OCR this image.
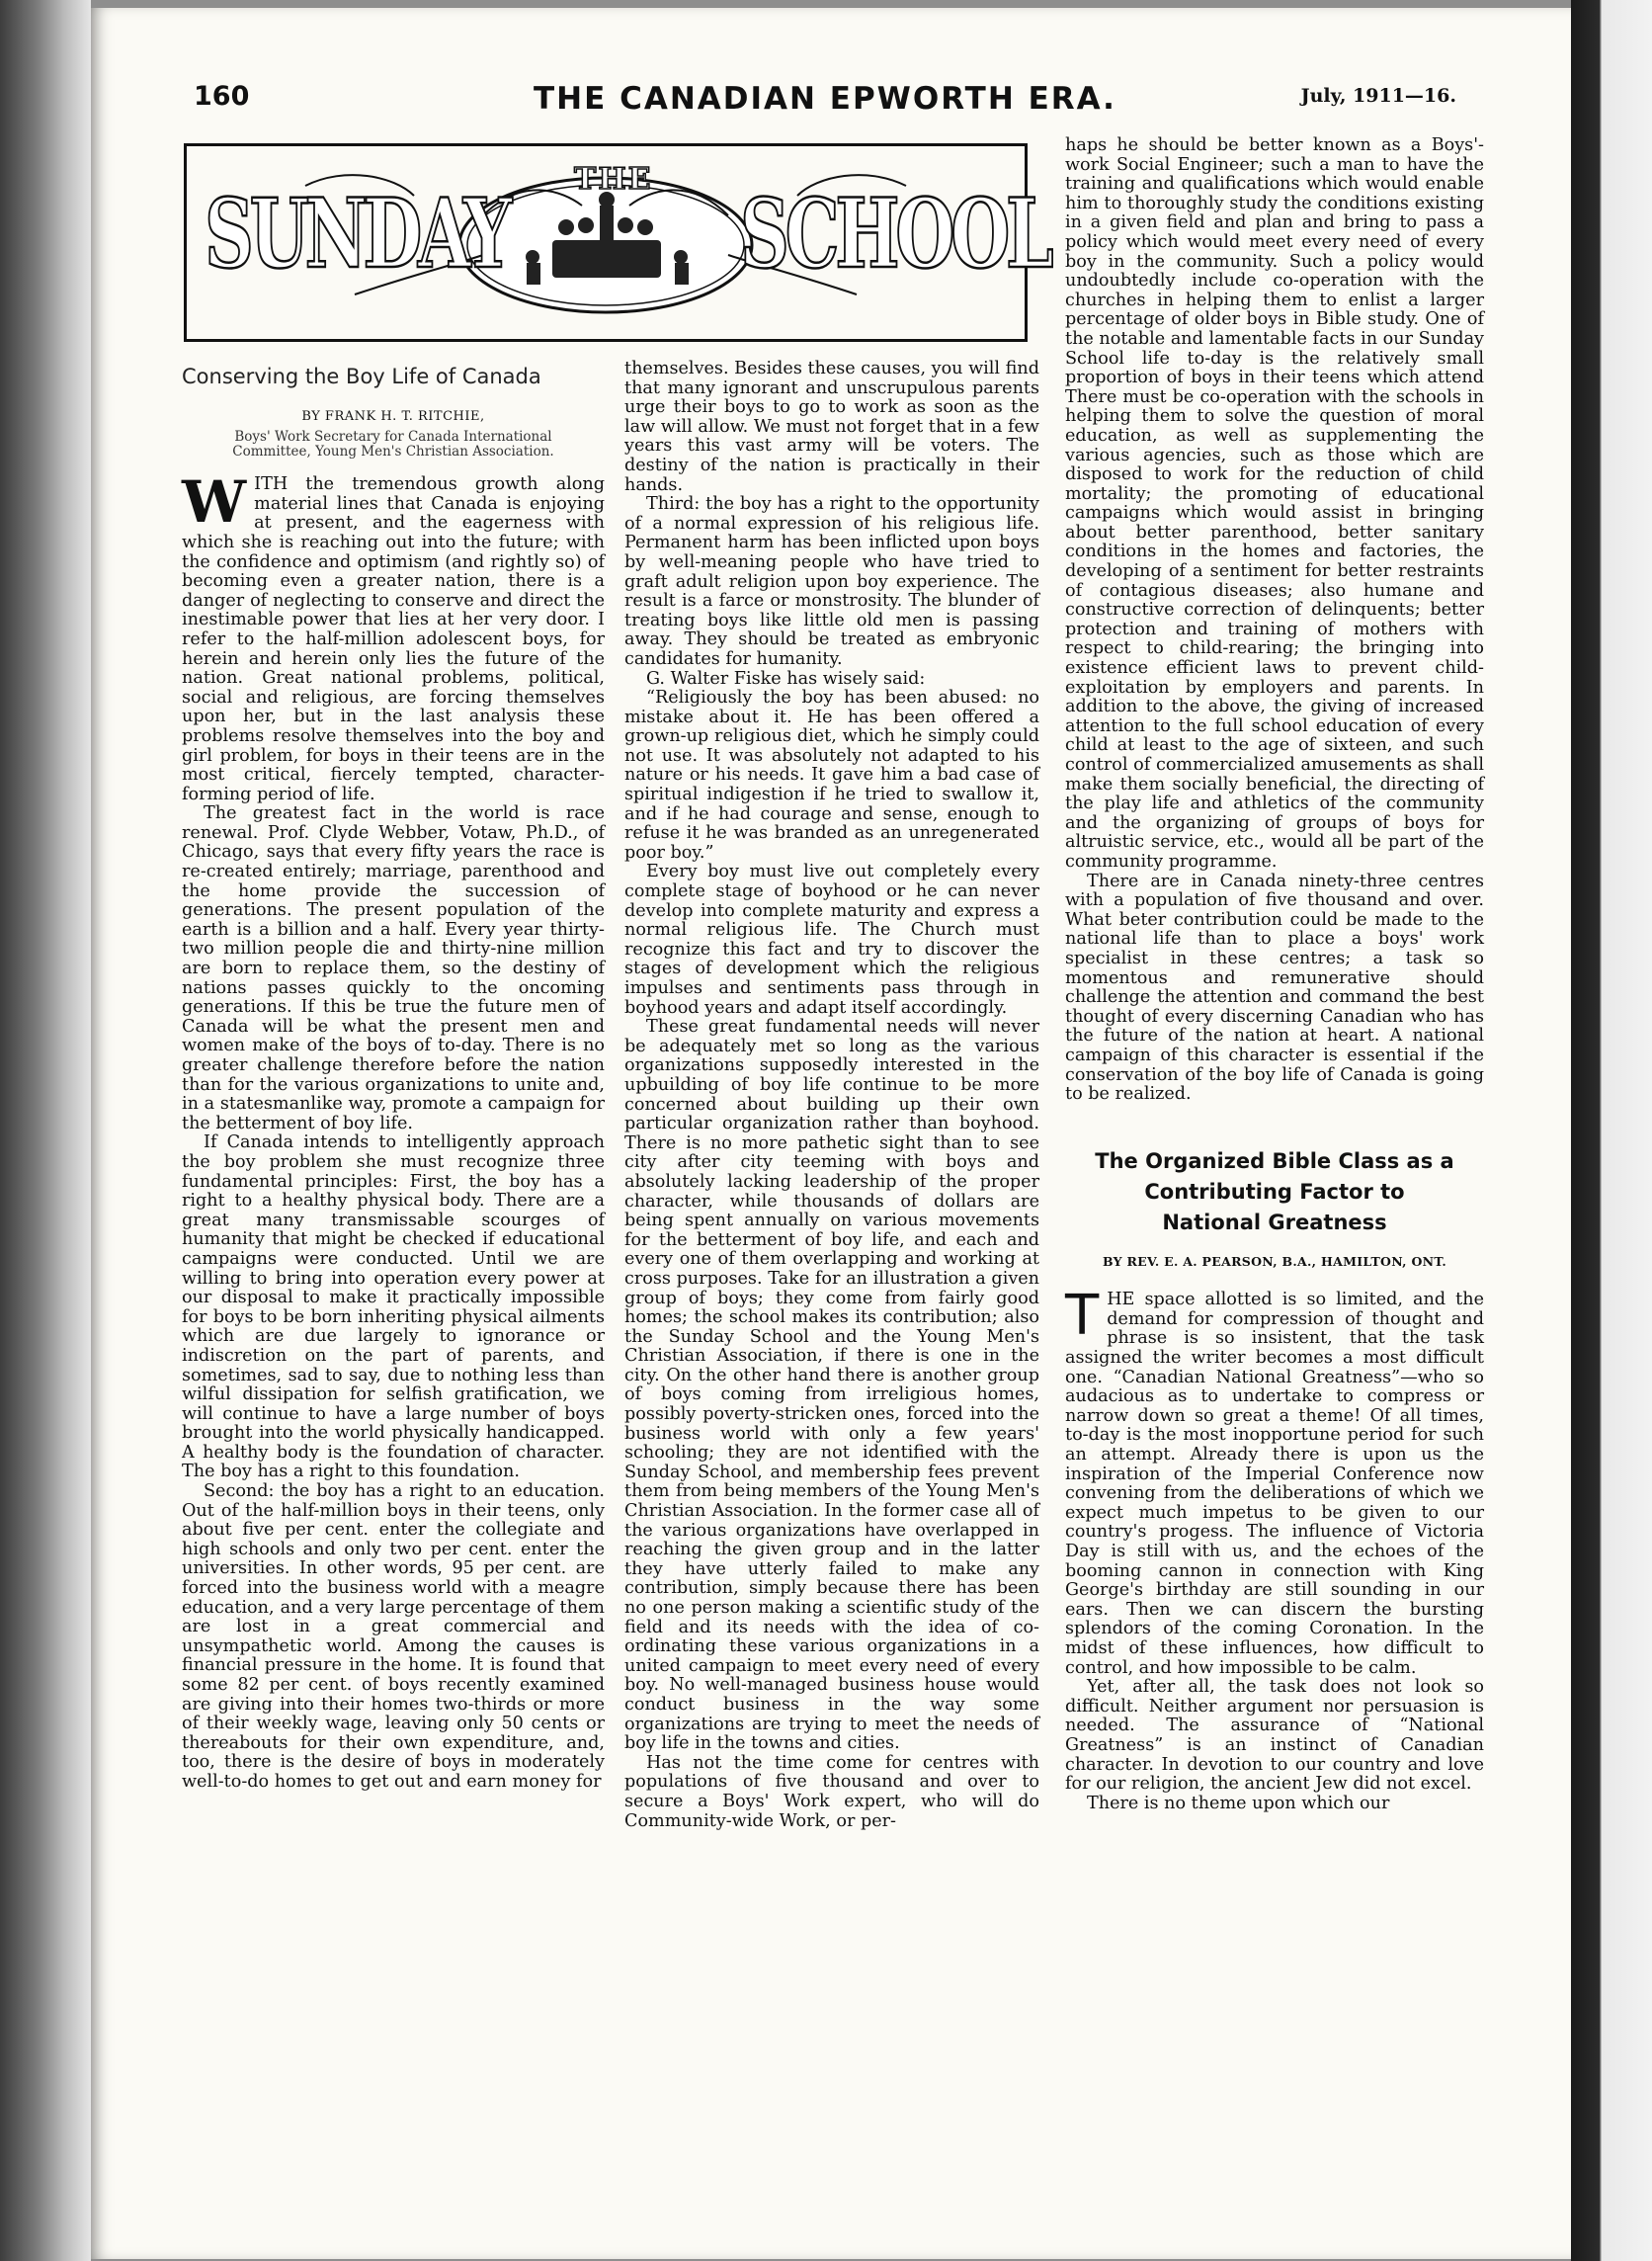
160	THE CANADIAN EPWORTH ERA.	July, 1911—16.
SUNDAY THE SCHOOL
Conserving the Boy Life of Canada
BY FRANK H. T. RITCHIE,
Boys' Work Secretary for Canada International Committee, Young Men's Christian Association.

WITH the tremendous growth along material lines that Canada is enjoying at present, and the eagerness with which she is reaching out into the future; with the confidence and optimism (and rightly so) of becoming even a greater nation, there is a danger of neglecting to conserve and direct the inestimable power that lies at her very door. I refer to the half-million adolescent boys, for herein and herein only lies the future of the nation. Great national problems, political, social and religious, are forcing themselves upon her, but in the last analysis these problems resolve themselves into the boy and girl problem, for boys in their teens are in the most critical, fiercely tempted, character-forming period of life.

The greatest fact in the world is race renewal. Prof. Clyde Webber, Votaw, Ph.D., of Chicago, says that every fifty years the race is re-created entirely; marriage, parenthood and the home provide the succession of generations. The present population of the earth is a billion and a half. Every year thirty-two million people die and thirty-nine million are born to replace them, so the destiny of nations passes quickly to the oncoming generations. If this be true the future men of Canada will be what the present men and women make of the boys of to-day. There is no greater challenge therefore before the nation than for the various organizations to unite and, in a statesmanlike way, promote a campaign for the betterment of boy life.

If Canada intends to intelligently approach the boy problem she must recognize three fundamental principles: First, the boy has a right to a healthy physical body. There are a great many transmissable scourges of humanity that might be checked if educational campaigns were conducted. Until we are willing to bring into operation every power at our disposal to make it practically impossible for boys to be born inheriting physical ailments which are due largely to ignorance or indiscretion on the part of parents, and sometimes, sad to say, due to nothing less than wilful dissipation for selfish gratification, we will continue to have a large number of boys brought into the world physically handicapped. A healthy body is the foundation of character. The boy has a right to this foundation.

Second: the boy has a right to an education. Out of the half-million boys in their teens, only about five per cent. enter the collegiate and high schools and only two per cent. enter the universities. In other words, 95 per cent. are forced into the business world with a meagre education, and a very large percentage of them are lost in a great commercial and unsympathetic world. Among the causes is financial pressure in the home. It is found that some 82 per cent. of boys recently examined are giving into their homes two-thirds or more of their weekly wage, leaving only 50 cents or thereabouts for their own expenditure, and, too, there is the desire of boys in moderately well-to-do homes to get out and earn money for

themselves. Besides these causes, you will find that many ignorant and unscrupulous parents urge their boys to go to work as soon as the law will allow. We must not forget that in a few years this vast army will be voters. The destiny of the nation is practically in their hands.

Third: the boy has a right to the opportunity of a normal expression of his religious life. Permanent harm has been inflicted upon boys by well-meaning people who have tried to graft adult religion upon boy experience. The result is a farce or monstrosity. The blunder of treating boys like little old men is passing away. They should be treated as embryonic candidates for humanity.

G. Walter Fiske has wisely said:

“Religiously the boy has been abused: no mistake about it. He has been offered a grown-up religious diet, which he simply could not use. It was absolutely not adapted to his nature or his needs. It gave him a bad case of spiritual indigestion if he tried to swallow it, and if he had courage and sense, enough to refuse it he was branded as an unregenerated poor boy.”

Every boy must live out completely every complete stage of boyhood or he can never develop into complete maturity and express a normal religious life. The Church must recognize this fact and try to discover the stages of development which the religious impulses and sentiments pass through in boyhood years and adapt itself accordingly.

These great fundamental needs will never be adequately met so long as the various organizations supposedly interested in the upbuilding of boy life continue to be more concerned about building up their own particular organization rather than boyhood. There is no more pathetic sight than to see city after city teeming with boys and absolutely lacking leadership of the proper character, while thousands of dollars are being spent annually on various movements for the betterment of boy life, and each and every one of them overlapping and working at cross purposes. Take for an illustration a given group of boys; they come from fairly good homes; the school makes its contribution; also the Sunday School and the Young Men's Christian Association, if there is one in the city. On the other hand there is another group of boys coming from irreligious homes, possibly poverty-stricken ones, forced into the business world with only a few years' schooling; they are not identified with the Sunday School, and membership fees prevent them from being members of the Young Men's Christian Association. In the former case all of the various organizations have overlapped in reaching the given group and in the latter they have utterly failed to make any contribution, simply because there has been no one person making a scientific study of the field and its needs with the idea of co-ordinating these various organizations in a united campaign to meet every need of every boy. No well-managed business house would conduct business in the way some organizations are trying to meet the needs of boy life in the towns and cities.

Has not the time come for centres with populations of five thousand and over to secure a Boys' Work expert, who will do Community-wide Work, or per-

haps he should be better known as a Boys'-work Social Engineer; such a man to have the training and qualifications which would enable him to thoroughly study the conditions existing in a given field and plan and bring to pass a policy which would meet every need of every boy in the community. Such a policy would undoubtedly include co-operation with the churches in helping them to enlist a larger percentage of older boys in Bible study. One of the notable and lamentable facts in our Sunday School life to-day is the relatively small proportion of boys in their teens which attend There must be co-operation with the schools in helping them to solve the question of moral education, as well as supplementing the various agencies, such as those which are disposed to work for the reduction of child mortality; the promoting of educational campaigns which would assist in bringing about better parenthood, better sanitary conditions in the homes and factories, the developing of a sentiment for better restraints of contagious diseases; also humane and constructive correction of delinquents; better protection and training of mothers with respect to child-rearing; the bringing into existence efficient laws to prevent child-exploitation by employers and parents. In addition to the above, the giving of increased attention to the full school education of every child at least to the age of sixteen, and such control of commercialized amusements as shall make them socially beneficial, the directing of the play life and athletics of the community and the organizing of groups of boys for altruistic service, etc., would all be part of the community programme.

There are in Canada ninety-three centres with a population of five thousand and over. What beter contribution could be made to the national life than to place a boys' work specialist in these centres; a task so momentous and remunerative should challenge the attention and command the best thought of every discerning Canadian who has the future of the nation at heart. A national campaign of this character is essential if the conservation of the boy life of Canada is going to be realized.

The Organized Bible Class as a
Contributing Factor to
National Greatness
BY REV. E. A. PEARSON, B.A., HAMILTON, ONT.

THE space allotted is so limited, and the demand for compression of thought and phrase is so insistent, that the task assigned the writer becomes a most difficult one. “Canadian National Greatness”—who so audacious as to undertake to compress or narrow down so great a theme! Of all times, to-day is the most inopportune period for such an attempt. Already there is upon us the inspiration of the Imperial Conference now convening from the deliberations of which we expect much impetus to be given to our country's progess. The influence of Victoria Day is still with us, and the echoes of the booming cannon in connection with King George's birthday are still sounding in our ears. Then we can discern the bursting splendors of the coming Coronation. In the midst of these influences, how difficult to control, and how impossible to be calm.

Yet, after all, the task does not look so difficult. Neither argument nor persuasion is needed. The assurance of “National Greatness” is an instinct of Canadian character. In devotion to our country and love for our religion, the ancient Jew did not excel.

There is no theme upon which our
